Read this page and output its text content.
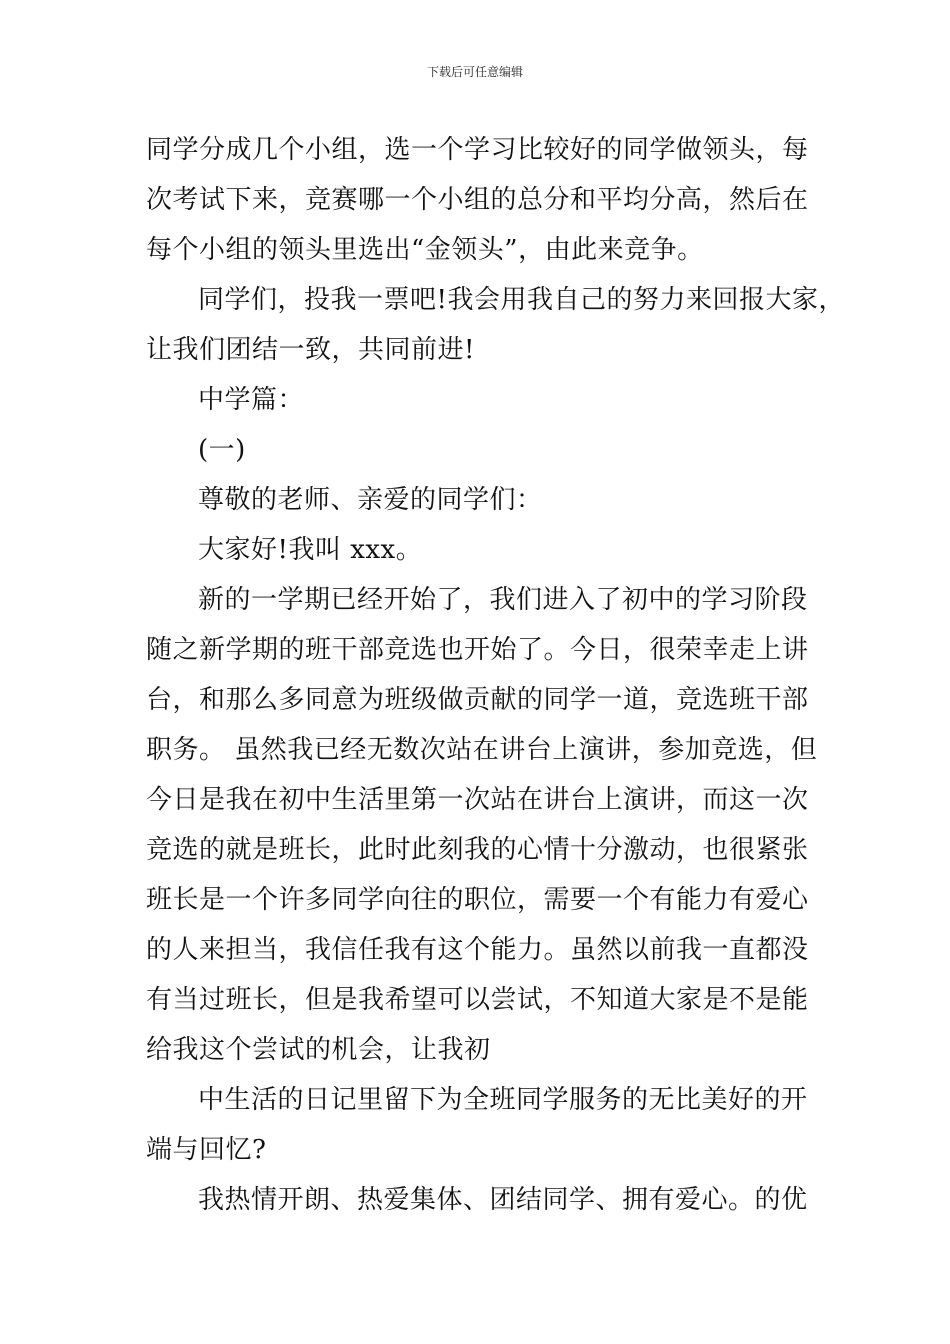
下载后可任意编辑
同学分成几个小组，选一个学习比较好的同学做领头，每
次考试下来，竞赛哪一个小组的总分和平均分高，然后在
每个小组的领头里选出“金领头”，由此来竞争。
同学们，投我一票吧!我会用我自己的努力来回报大家，
让我们团结一致，共同前进!
中学篇：
(一)
尊敬的老师、亲爱的同学们：
大家好!我叫 xxx。
新的一学期已经开始了，我们进入了初中的学习阶段
随之新学期的班干部竞选也开始了。今日，很荣幸走上讲
台，和那么多同意为班级做贡献的同学一道，竞选班干部
职务。 虽然我已经无数次站在讲台上演讲，参加竞选，但
今日是我在初中生活里第一次站在讲台上演讲，而这一次
竞选的就是班长，此时此刻我的心情十分激动，也很紧张
班长是一个许多同学向往的职位，需要一个有能力有爱心
的人来担当，我信任我有这个能力。虽然以前我一直都没
有当过班长，但是我希望可以尝试，不知道大家是不是能
给我这个尝试的机会，让我初
中生活的日记里留下为全班同学服务的无比美好的开
端与回忆?
我热情开朗、热爱集体、团结同学、拥有爱心。的优
